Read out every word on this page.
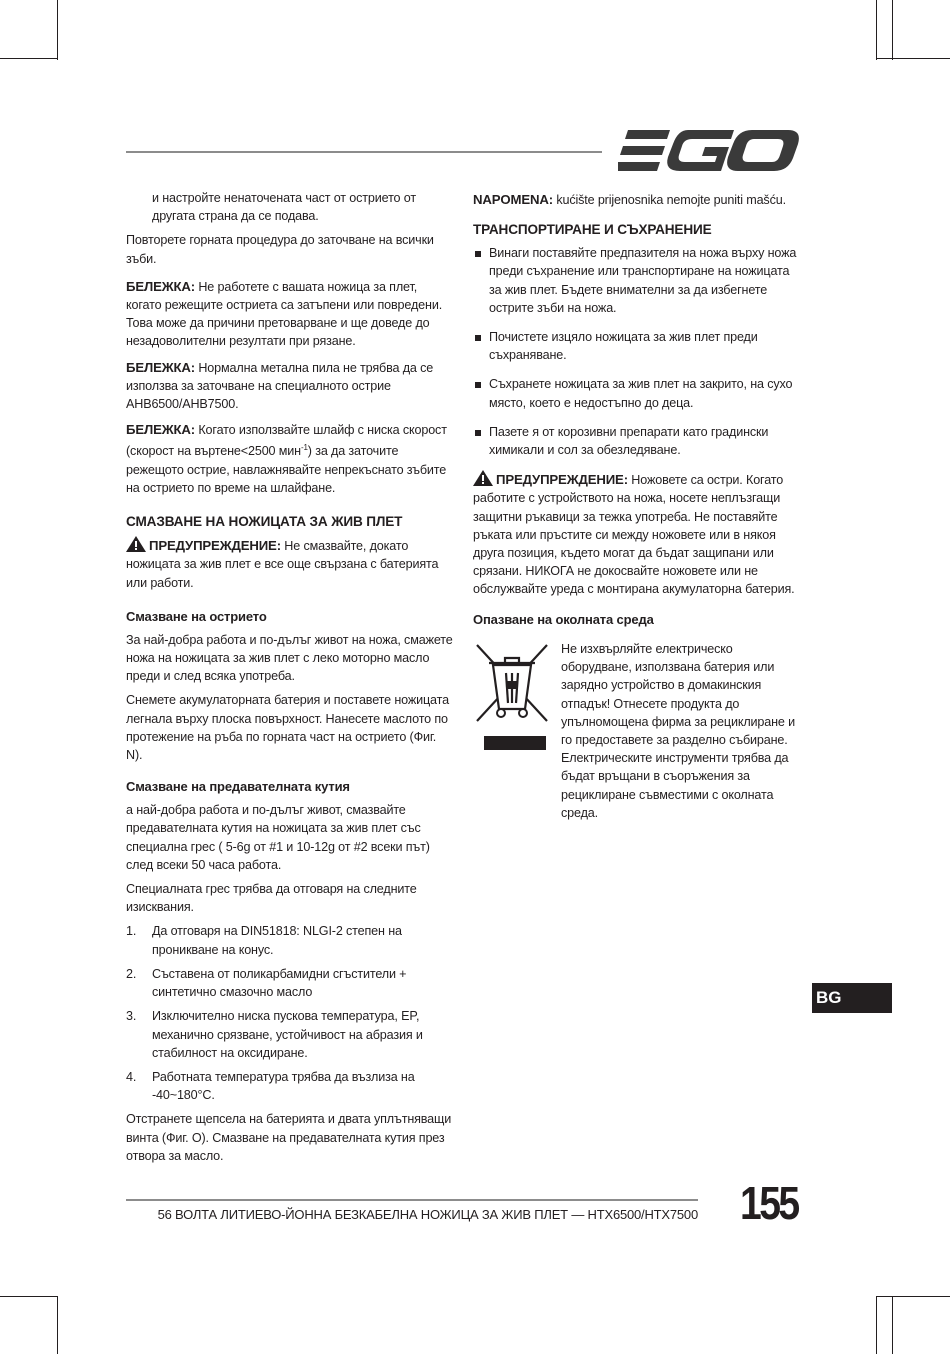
и настройте ненаточената част от острието от другата страна да се подава.

Повторете горната процедура до заточване на всички зъби.

БЕЛЕЖКА: Не работете с вашата ножица за плет, когато режещите остриета са затъпени или повредени. Това може да причини претоварване и ще доведе до незадоволителни резултати при рязане.

БЕЛЕЖКА: Нормална метална пила не трябва да се използва за заточване на специалното острие AHB6500/AHB7500.

БЕЛЕЖКА: Когато използвайте шлайф с ниска скорост (скорост на въртене<2500 мин$^{-1}$) за да заточите режещото острие, навлажнявайте непрекъснато зъбите на острието по време на шлайфане.

СМАЗВАНЕ НА НОЖИЦАТА ЗА ЖИВ ПЛЕТ

ПРЕДУПРЕЖДЕНИЕ: Не смазвайте, докато ножицата за жив плет е все още свързана с батерията или работи.

Смазване на острието

За най-добра работа и по-дълъг живот на ножа, смажете ножа на ножицата за жив плет с леко моторно масло преди и след всяка употреба.

Снемете акумулаторната батерия и поставете ножицата легнала върху плоска повърхност. Нанесете маслото по протежение на ръба по горната част на острието (Фиг. N).

Смазване на предавателната кутия

а най-добра работа и по-дълъг живот, смазвайте предавателната кутия на ножицата за жив плет със специална грес ( 5-6g от #1 и 10-12g от #2 всеки път) след всеки 50 часа работа.

Специалната грес трябва да отговаря на следните изисквания.

1. Да отговаря на DIN51818: NLGI-2 степен на проникване на конус.
2. Съставена от поликарбамидни сгъстители + синтетично смазочно масло
3. Изключително ниска пускова температура, EP, механично срязване, устойчивост на абразия и стабилност на оксидиране.
4. Работната температура трябва да възлиза на -40~180°C.

Отстранете щепсела на батерията и двата уплътняващи винта (Фиг. O). Смазване на предавателната кутия през отвора за масло.

NAPOMENA: kućište prijenosnika nemojte puniti mašću.

ТРАНСПОРТИРАНЕ И СЪХРАНЕНИЕ
Винаги поставяйте предпазителя на ножа върху ножа преди съхранение или транспортиране на ножицата за жив плет. Бъдете внимателни за да избегнете острите зъби на ножа.
Почистете изцяло ножицата за жив плет преди съхраняване.
Съхранете ножицата за жив плет на закрито, на сухо място, което е недостъпно до деца.
Пазете я от корозивни препарати като градински химикали и сол за обезледяване.

ПРЕДУПРЕЖДЕНИЕ: Ножовете са остри. Когато работите с устройството на ножа, носете неплъзгащи защитни ръкавици за тежка употреба. Не поставяйте ръката или пръстите си между ножовете или в някоя друга позиция, където могат да бъдат защипани или срязани. НИКОГА не докосвайте ножовете или не обслужвайте уреда с монтирана акумулаторна батерия.

Опазване на околната среда
Не изхвърляйте електрическо оборудване, използвана батерия или зарядно устройство в домакинския отпадък! Отнесете продукта до упълномощена фирма за рециклиране и го предоставете за разделно събиране. Електрическите инструменти трябва да бъдат връщани в съоръжения за рециклиране съвместими с околната среда.
BG
56 ВОЛТА ЛИТИЕВО-ЙОННА БЕЗКАБЕЛНА НОЖИЦА ЗА ЖИВ ПЛЕТ — HTX6500/HTX7500 155
